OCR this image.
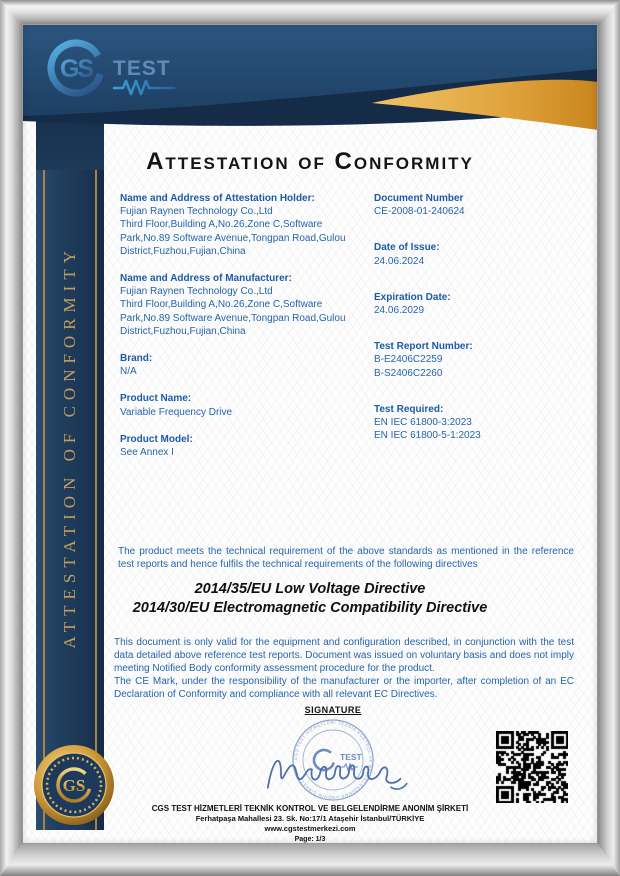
ATTESTATION OF CONFORMITY
GS TEST
GS
Attestation of Conformity
Name and Address of Attestation Holder:
Fujian Raynen Technology Co.,Ltd
Third Floor,Building A,No.26,Zone C,Software
Park,No.89 Software Avenue,Tongpan Road,Gulou
District,Fuzhou,Fujian,China
Name and Address of Manufacturer:
Fujian Raynen Technology Co.,Ltd
Third Floor,Building A,No.26,Zone C,Software
Park,No.89 Software Avenue,Tongpan Road,Gulou
District,Fuzhou,Fujian,China
Brand:
N/A
Product Name:
Variable Frequency Drive
Product Model:
See Annex I
Document Number
CE-2008-01-240624
Date of Issue:
24.06.2024
Expiration Date:
24.06.2029
Test Report Number:
B-E2406C2259
B-S2406C2260
Test Required:
EN IEC 61800-3:2023
EN IEC 61800-5-1:2023
The product meets the technical requirement of the above standards as mentioned in the reference test reports and hence fulfils the technical requirements of the following directives
2014/35/EU Low Voltage Directive
2014/30/EU Electromagnetic Compatibility Directive

This document is only valid for the equipment and configuration described, in conjunction with the test data detailed above reference test reports. Document was issued on voluntary basis and does not imply meeting Notified Body conformity assessment procedure for the product.

The CE Mark, under the responsibility of the manufacturer or the importer, after completion of an EC Declaration of Conformity and compliance with all relevant EC Directives.

SIGNATURE
CGS TEST HİZMETLERİ TEKNİK KONTROL VE BELGELENDİRME ANONİM ŞİRKETİ
TEST
CGS TEST HİZMETLERİ TEKNİK KONTROL VE BELGELENDİRME ANONİM ŞİRKETİ
Ferhatpaşa Mahallesi 23. Sk. No:17/1 Ataşehir İstanbul/TÜRKİYE
www.cgstestmerkezi.com
Page: 1/3
